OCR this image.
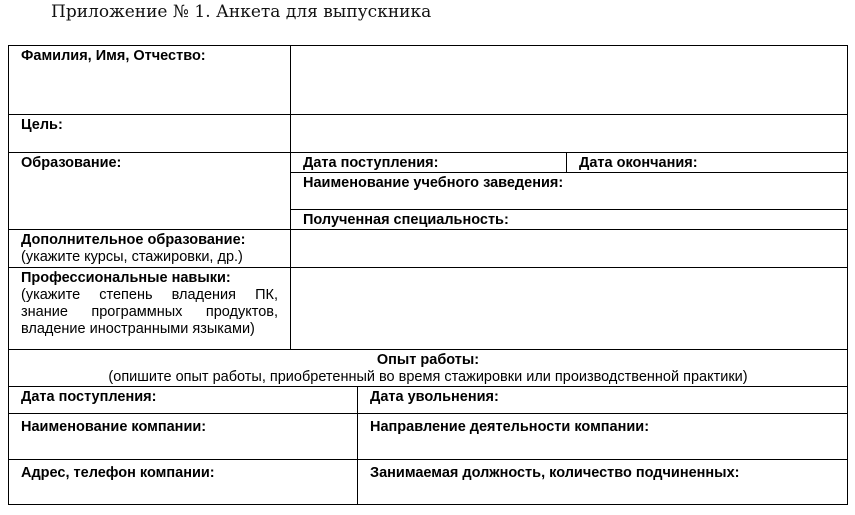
Приложение № 1. Анкета для выпускника
Фамилия, Имя, Отчество:			
Цель:			
Образование:	Дата поступления:		Дата окончания:
	Наименование учебного заведения:		
	Полученная специальность:		

Дополнительное образование:
(укажите курсы, стажировки, др.)			

Профессиональные навыки:
(укажите степень владения ПК, знание программных продуктов, владение иностранными языками)			

Опыт работы:
(опишите опыт работы, приобретенный во время стажировки или производственной практики)			

Дата поступления:		Дата увольнения:	
Наименование компании:		Направление деятельности компании:	
Адрес, телефон компании:		Занимаемая должность, количество подчиненных:	
